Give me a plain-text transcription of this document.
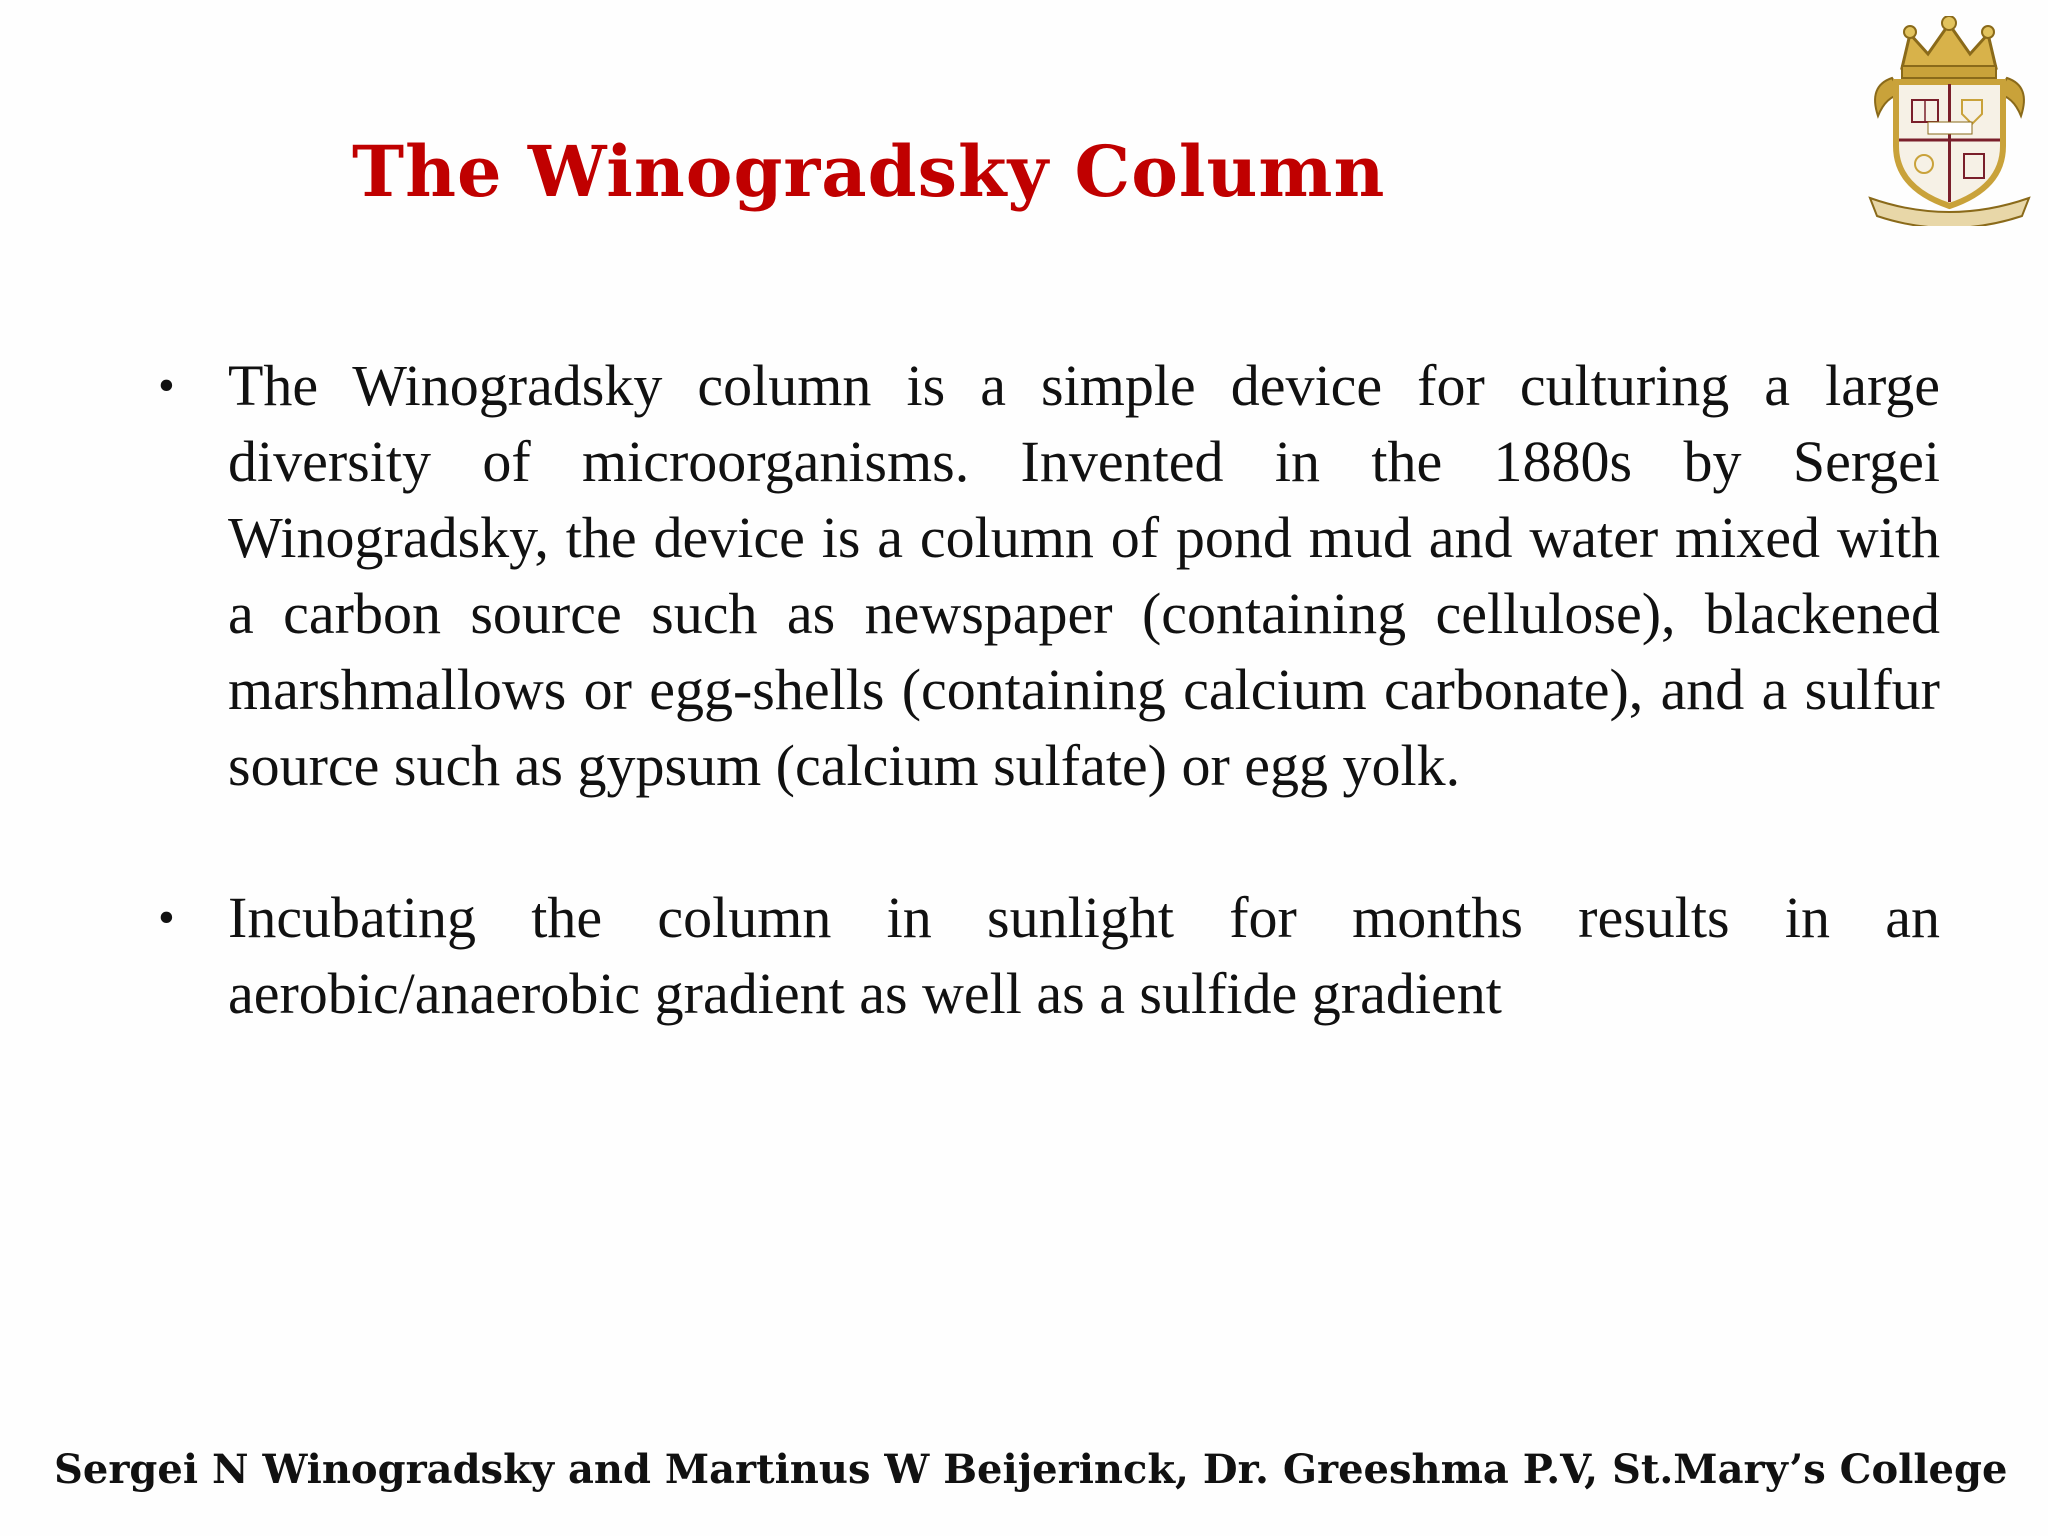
The Winogradsky Column
• The Winogradsky column is a simple device for culturing a large diversity of microorganisms. Invented in the 1880s by Sergei Winogradsky, the device is a column of pond mud and water mixed with a carbon source such as newspaper (containing cellulose), blackened marshmallows or egg-shells (containing calcium carbonate), and a sulfur source such as gypsum (calcium sulfate) or egg yolk.
• Incubating the column in sunlight for months results in an aerobic/anaerobic gradient as well as a sulfide gradient
Sergei N Winogradsky and Martinus W Beijerinck, Dr. Greeshma P.V, St.Mary’s College
